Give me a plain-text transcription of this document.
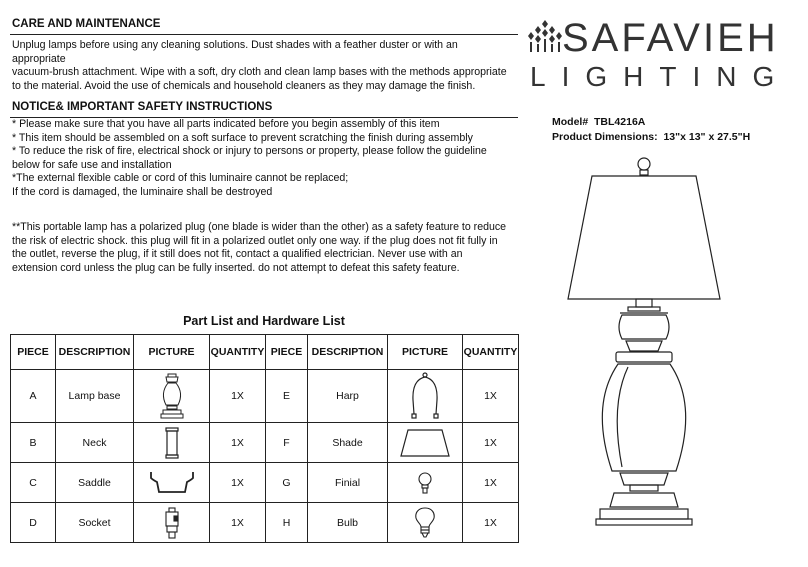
CARE AND MAINTENANCE
Unplug lamps before using any cleaning solutions. Dust shades with a feather duster or with an
appropriate
vacuum-brush attachment. Wipe with a soft, dry cloth and clean lamp bases with the methods appropriate
to the material. Avoid the use of chemicals and household cleaners as they may damage the finish.
NOTICE& IMPORTANT SAFETY INSTRUCTIONS
* Please make sure that you have all parts indicated before you begin assembly of this item
* This item should be assembled on a soft surface to prevent scratching the finish during assembly
* To reduce the risk of fire, electrical shock or injury to persons or property, please follow the guideline
below for safe use and installation
*The external flexible cable or cord of this luminaire cannot be replaced;
If the cord is damaged, the luminaire shall be destroyed
**This portable lamp has a polarized plug (one blade is wider than the other) as a safety feature to reduce
the risk of electric shock. this plug will fit in a polarized outlet only one way. if the plug does not fit fully in
the outlet, reverse the plug, if it still does not fit, contact a qualified electrician. Never use with an
extension cord unless the plug can be fully inserted. do not attempt to defeat this safety feature.
SAFAVIEH
LIGHTING
Model# TBL4216A
Product Dimensions: 13"x 13" x 27.5"H
Part List and Hardware List
PIECE	DESCRIPTION	PICTURE	QUANTITY	PIECE	DESCRIPTION	PICTURE	QUANTITY
A	Lamp base		1X	E	Harp		1X
B	Neck		1X	F	Shade		1X
C	Saddle		1X	G	Finial		1X
D	Socket		1X	H	Bulb		1X
